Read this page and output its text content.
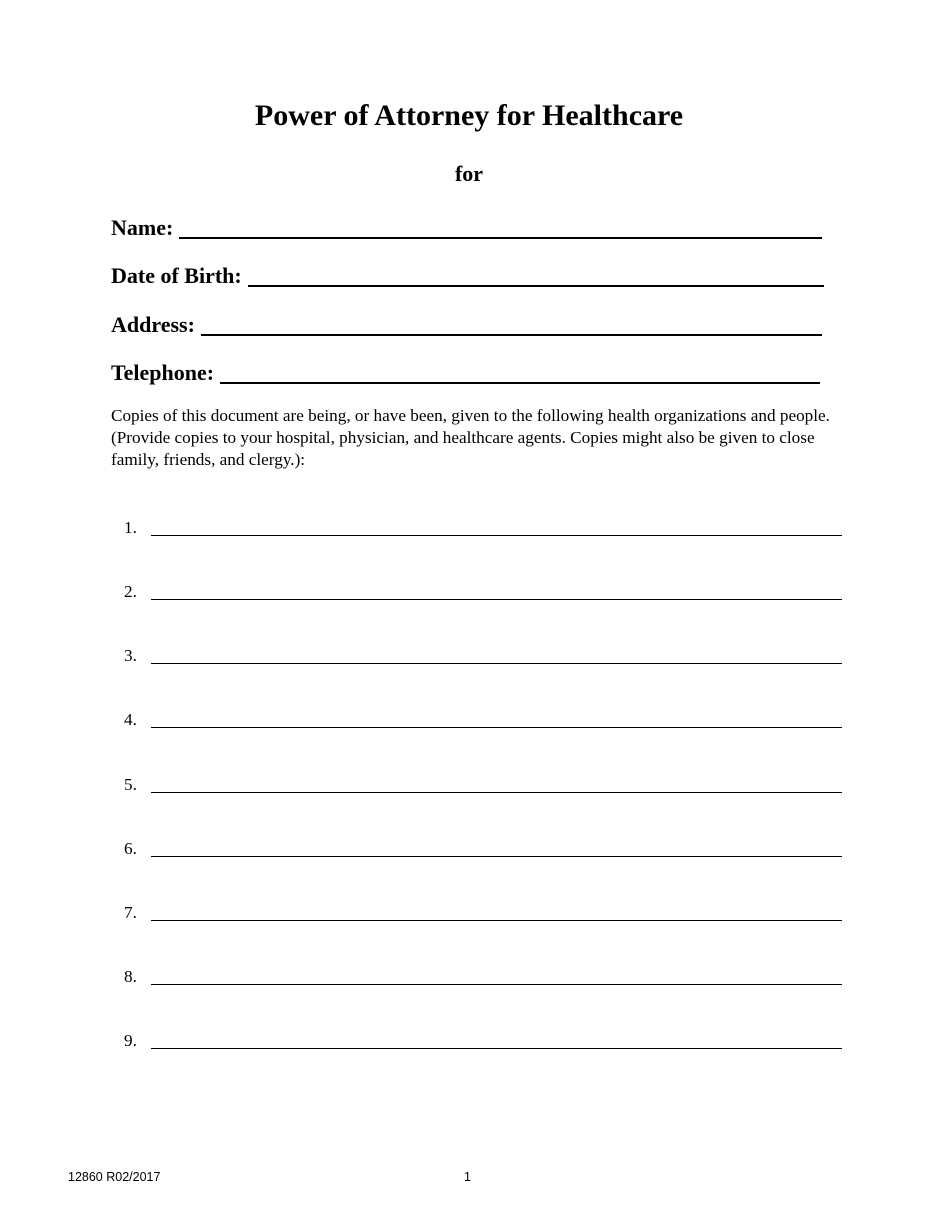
Power of Attorney for Healthcare
for
Name:
Date of Birth:
Address:
Telephone:
Copies of this document are being, or have been, given to the following health organizations and people. (Provide copies to your hospital, physician, and healthcare agents. Copies might also be given to close family, friends, and clergy.):
1.
2.
3.
4.
5.
6.
7.
8.
9.
12860 R02/2017	1
